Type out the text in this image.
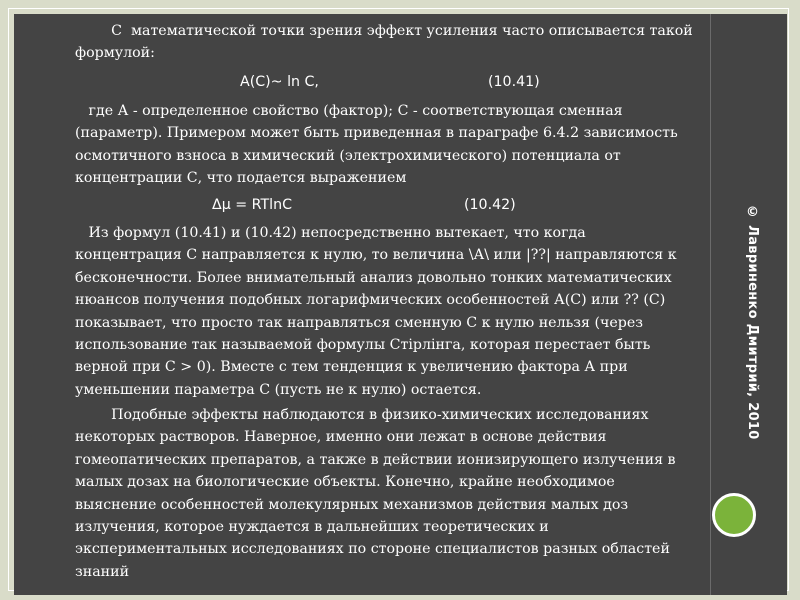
© Лавриненко Дмитрий, 2010
С  математической точки зрения эффект усиления часто описывается такой
формулой:
A(C)~ ln C,	(10.41)
где А - определенное свойство (фактор); С - соответствующая сменная
(параметр). Примером может быть приведенная в параграфе 6.4.2 зависимость
осмотичного взноса в химический (электрохимического) потенциала от
концентрации С, что подается выражением
Δμ = RTlnC	(10.42)
Из формул (10.41) и (10.42) непосредственно вытекает, что когда
концентрация С направляется к нулю, то величина \А\ или |??| направляются к
бесконечности. Более внимательный анализ довольно тонких математических
нюансов получения подобных логарифмических особенностей А(С) или ?? (С)
показывает, что просто так направляться сменную С к нулю нельзя (через
использование так называемой формулы Стірлінга, которая перестает быть
верной при С > 0). Вместе с тем тенденция к увеличению фактора А при
уменьшении параметра С (пусть не к нулю) остается.
Подобные эффекты наблюдаются в физико-химических исследованиях
некоторых растворов. Наверное, именно они лежат в основе действия
гомеопатических препаратов, а также в действии ионизирующего излучения в
малых дозах на биологические объекты. Конечно, крайне необходимое
выяснение особенностей молекулярных механизмов действия малых доз
излучения, которое нуждается в дальнейших теоретических и
экспериментальных исследованиях по стороне специалистов разных областей
знаний
